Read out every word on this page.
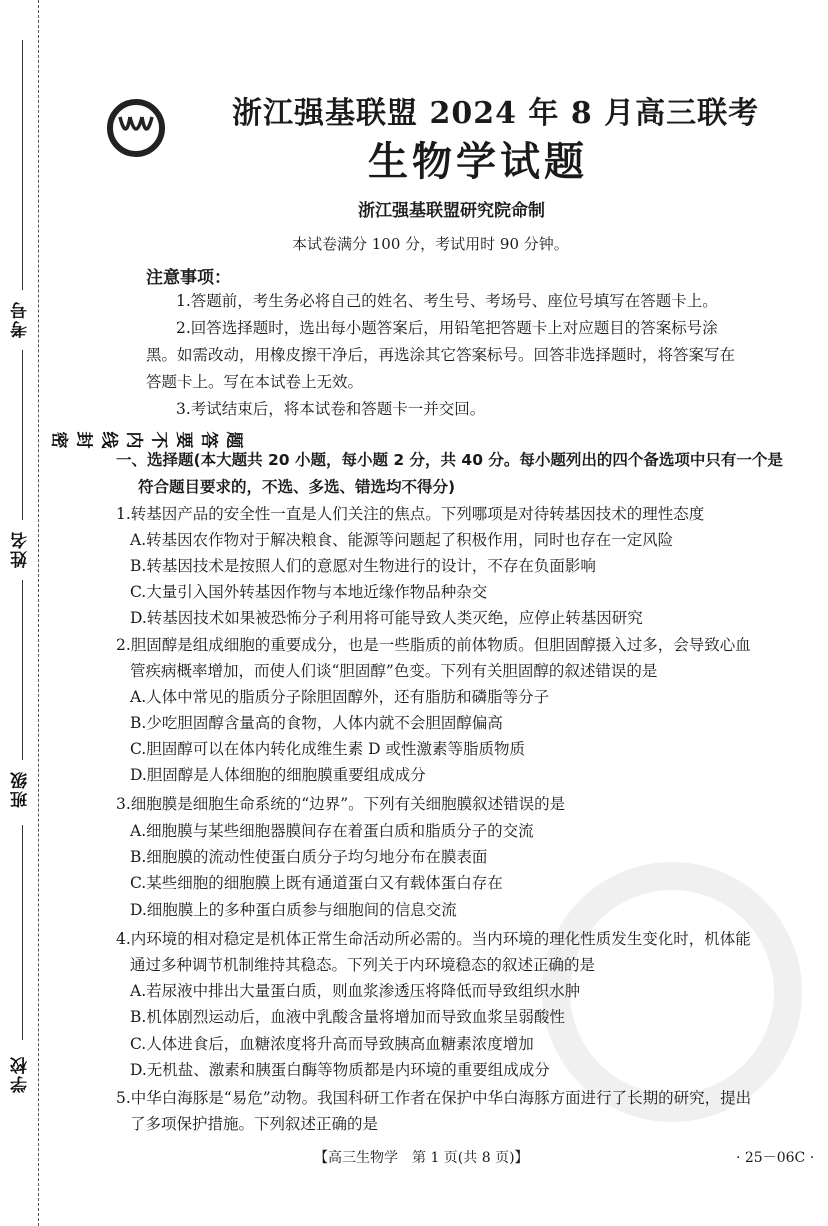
考号
姓名
班级
学校
题
答
要
不
内
线
封
密
浙江强基联盟 2024 年 8 月高三联考
生物学试题
浙江强基联盟研究院命制
本试卷满分 100 分，考试用时 90 分钟。
注意事项：
1.答题前，考生务必将自己的姓名、考生号、考场号、座位号填写在答题卡上。
2.回答选择题时，选出每小题答案后，用铅笔把答题卡上对应题目的答案标号涂
黑。如需改动，用橡皮擦干净后，再选涂其它答案标号。回答非选择题时，将答案写在
答题卡上。写在本试卷上无效。
3.考试结束后，将本试卷和答题卡一并交回。
一、选择题(本大题共 20 小题，每小题 2 分，共 40 分。每小题列出的四个备选项中只有一个是
符合题目要求的，不选、多选、错选均不得分)
1.转基因产品的安全性一直是人们关注的焦点。下列哪项是对待转基因技术的理性态度
A.转基因农作物对于解决粮食、能源等问题起了积极作用，同时也存在一定风险
B.转基因技术是按照人们的意愿对生物进行的设计，不存在负面影响
C.大量引入国外转基因作物与本地近缘作物品种杂交
D.转基因技术如果被恐怖分子利用将可能导致人类灭绝，应停止转基因研究
2.胆固醇是组成细胞的重要成分，也是一些脂质的前体物质。但胆固醇摄入过多，会导致心血
管疾病概率增加，而使人们谈“胆固醇”色变。下列有关胆固醇的叙述错误的是
A.人体中常见的脂质分子除胆固醇外，还有脂肪和磷脂等分子
B.少吃胆固醇含量高的食物，人体内就不会胆固醇偏高
C.胆固醇可以在体内转化成维生素 D 或性激素等脂质物质
D.胆固醇是人体细胞的细胞膜重要组成成分
3.细胞膜是细胞生命系统的“边界”。下列有关细胞膜叙述错误的是
A.细胞膜与某些细胞器膜间存在着蛋白质和脂质分子的交流
B.细胞膜的流动性使蛋白质分子均匀地分布在膜表面
C.某些细胞的细胞膜上既有通道蛋白又有载体蛋白存在
D.细胞膜上的多种蛋白质参与细胞间的信息交流
4.内环境的相对稳定是机体正常生命活动所必需的。当内环境的理化性质发生变化时，机体能
通过多种调节机制维持其稳态。下列关于内环境稳态的叙述正确的是
A.若尿液中排出大量蛋白质，则血浆渗透压将降低而导致组织水肿
B.机体剧烈运动后，血液中乳酸含量将增加而导致血浆呈弱酸性
C.人体进食后，血糖浓度将升高而导致胰高血糖素浓度增加
D.无机盐、激素和胰蛋白酶等物质都是内环境的重要组成成分
5.中华白海豚是“易危”动物。我国科研工作者在保护中华白海豚方面进行了长期的研究，提出
了多项保护措施。下列叙述正确的是
【高三生物学　第 1 页(共 8 页)】	· 25－06C ·
